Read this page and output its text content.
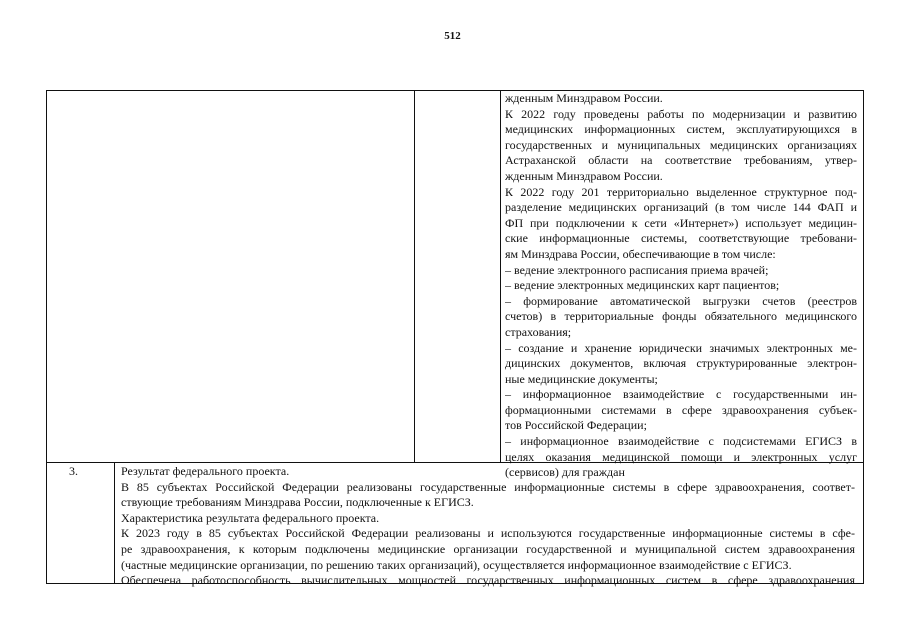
512
жденным Минздравом России.
К 2022 году проведены работы по модернизации и развитию
медицинских информационных систем, эксплуатирующихся в
государственных и муниципальных медицинских организациях
Астраханской области на соответствие требованиям, утвер-
жденным Минздравом России.
К 2022 году 201 территориально выделенное структурное под-
разделение медицинских организаций (в том числе 144 ФАП и
ФП при подключении к сети «Интернет») использует медицин-
ские информационные системы, соответствующие требовани-
ям Минздрава России, обеспечивающие в том числе:
– ведение электронного расписания приема врачей;
– ведение электронных медицинских карт пациентов;
– формирование автоматической выгрузки счетов (реестров
счетов) в территориальные фонды обязательного медицинского
страхования;
– создание и хранение юридически значимых электронных ме-
дицинских документов, включая структурированные электрон-
ные медицинские документы;
– информационное взаимодействие с государственными ин-
формационными системами в сфере здравоохранения субъек-
тов Российской Федерации;
– информационное взаимодействие с подсистемами ЕГИСЗ в
целях оказания медицинской помощи и электронных услуг
(сервисов) для граждан
3.	Результат федерального проекта.
В 85 субъектах Российской Федерации реализованы государственные информационные системы в сфере здравоохранения, соответ-
ствующие требованиям Минздрава России, подключенные к ЕГИСЗ.
Характеристика результата федерального проекта.
К 2023 году в 85 субъектах Российской Федерации реализованы и используются государственные информационные системы в сфе-
ре здравоохранения, к которым подключены медицинские организации государственной и муниципальной систем здравоохранения
(частные медицинские организации, по решению таких организаций), осуществляется информационное взаимодействие с ЕГИСЗ.
Обеспечена работоспособность вычислительных мощностей государственных информационных систем в сфере здравоохранения
